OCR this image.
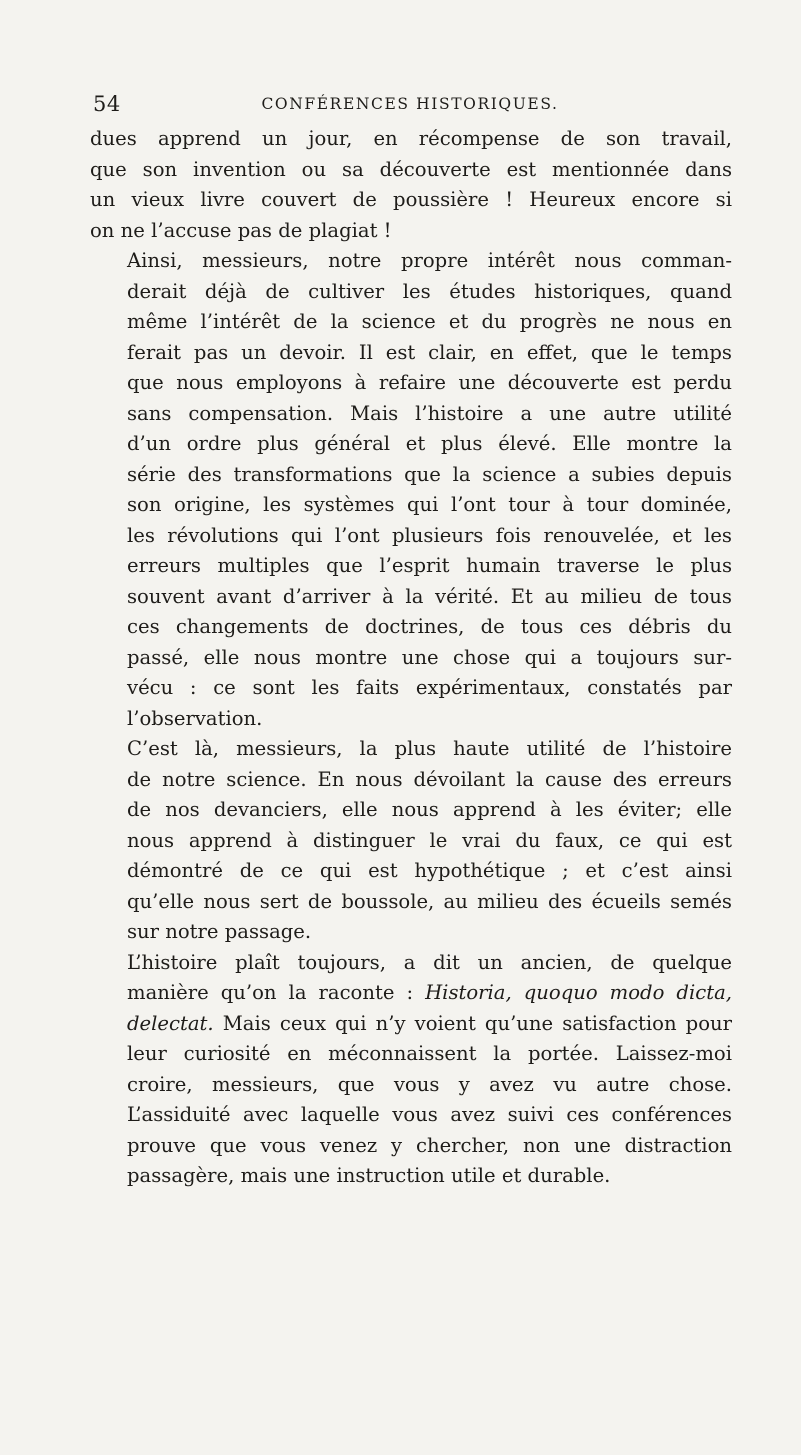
54	CONFÉRENCES HISTORIQUES.

dues apprend un jour, en récompense de son travail,
que son invention ou sa découverte est mentionnée dans
un vieux livre couvert de poussière ! Heureux encore si
on ne l’accuse pas de plagiat !

Ainsi, messieurs, notre propre intérêt nous comman-
derait déjà de cultiver les études historiques, quand
même l’intérêt de la science et du progrès ne nous en
ferait pas un devoir. Il est clair, en effet, que le temps
que nous employons à refaire une découverte est perdu
sans compensation. Mais l’histoire a une autre utilité
d’un ordre plus général et plus élevé. Elle montre la
série des transformations que la science a subies depuis
son origine, les systèmes qui l’ont tour à tour dominée,
les révolutions qui l’ont plusieurs fois renouvelée, et les
erreurs multiples que l’esprit humain traverse le plus
souvent avant d’arriver à la vérité. Et au milieu de tous
ces changements de doctrines, de tous ces débris du
passé, elle nous montre une chose qui a toujours sur-
vécu : ce sont les faits expérimentaux, constatés par
l’observation.

C’est là, messieurs, la plus haute utilité de l’histoire
de notre science. En nous dévoilant la cause des erreurs
de nos devanciers, elle nous apprend à les éviter; elle
nous apprend à distinguer le vrai du faux, ce qui est
démontré de ce qui est hypothétique ; et c’est ainsi
qu’elle nous sert de boussole, au milieu des écueils semés
sur notre passage.

L’histoire plaît toujours, a dit un ancien, de quelque
manière qu’on la raconte : Historia, quoquo modo dicta,
delectat. Mais ceux qui n’y voient qu’une satisfaction pour
leur curiosité en méconnaissent la portée. Laissez-moi
croire, messieurs, que vous y avez vu autre chose.
L’assiduité avec laquelle vous avez suivi ces conférences
prouve que vous venez y chercher, non une distraction
passagère, mais une instruction utile et durable.
